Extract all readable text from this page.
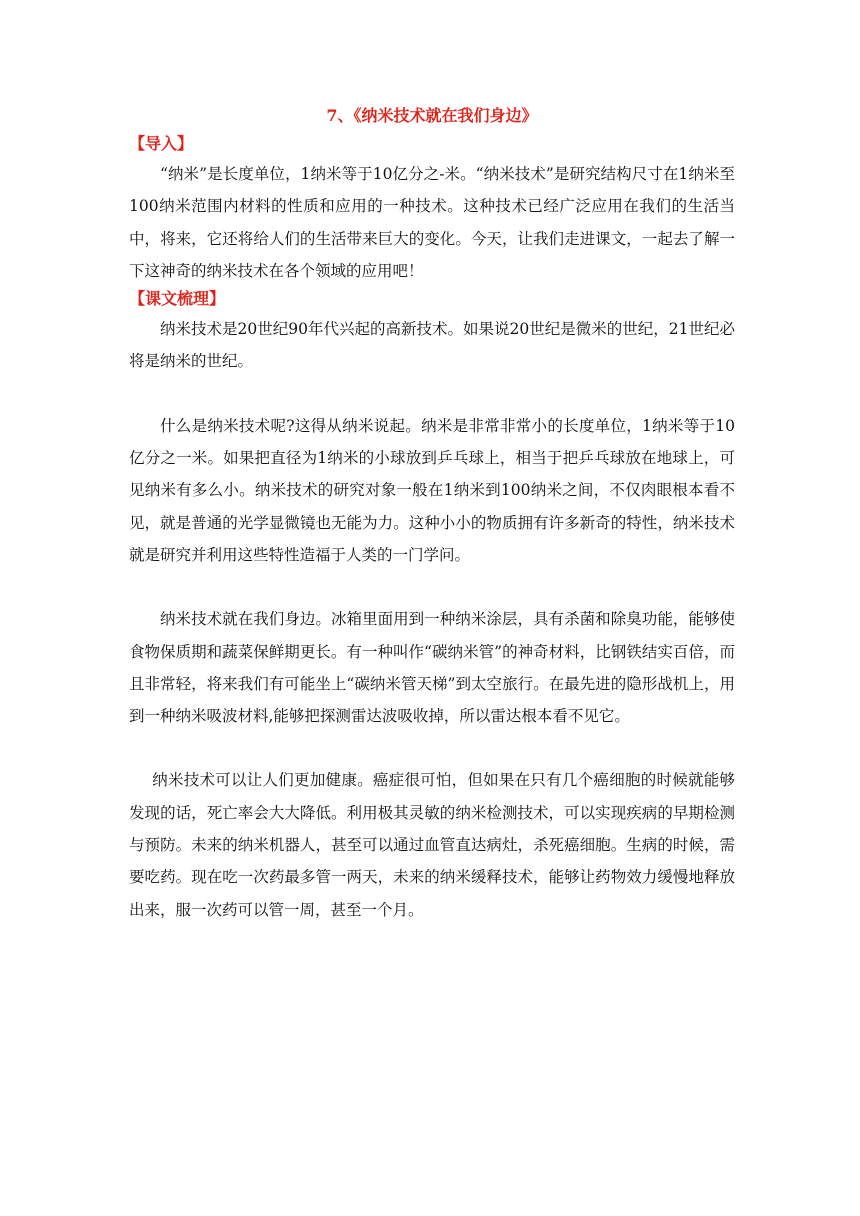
7、《纳米技术就在我们身边》
【导入】

“纳米”是长度单位，1纳米等于10亿分之-米。“纳米技术”是研究结构尺寸在1纳米至100纳米范围内材料的性质和应用的一种技术。这种技术已经广泛应用在我们的生活当中，将来，它还将给人们的生活带来巨大的变化。今天，让我们走进课文，一起去了解一下这神奇的纳米技术在各个领域的应用吧！

【课文梳理】

纳米技术是20世纪90年代兴起的高新技术。如果说20世纪是微米的世纪，21世纪必将是纳米的世纪。

什么是纳米技术呢?这得从纳米说起。纳米是非常非常小的长度单位，1纳米等于10亿分之一米。如果把直径为1纳米的小球放到乒乓球上，相当于把乒乓球放在地球上，可见纳米有多么小。纳米技术的研究对象一般在1纳米到100纳米之间，不仅肉眼根本看不见，就是普通的光学显微镜也无能为力。这种小小的物质拥有许多新奇的特性，纳米技术就是研究并利用这些特性造福于人类的一门学问。

纳米技术就在我们身边。冰箱里面用到一种纳米涂层，具有杀菌和除臭功能，能够使食物保质期和蔬菜保鲜期更长。有一种叫作“碳纳米管”的神奇材料，比钢铁结实百倍，而且非常轻，将来我们有可能坐上“碳纳米管天梯”到太空旅行。在最先进的隐形战机上，用到一种纳米吸波材料,能够把探测雷达波吸收掉，所以雷达根本看不见它。

纳米技术可以让人们更加健康。癌症很可怕，但如果在只有几个癌细胞的时候就能够发现的话，死亡率会大大降低。利用极其灵敏的纳米检测技术，可以实现疾病的早期检测与预防。未来的纳米机器人，甚至可以通过血管直达病灶，杀死癌细胞。生病的时候，需要吃药。现在吃一次药最多管一两天，未来的纳米缓释技术，能够让药物效力缓慢地释放出来，服一次药可以管一周，甚至一个月。
